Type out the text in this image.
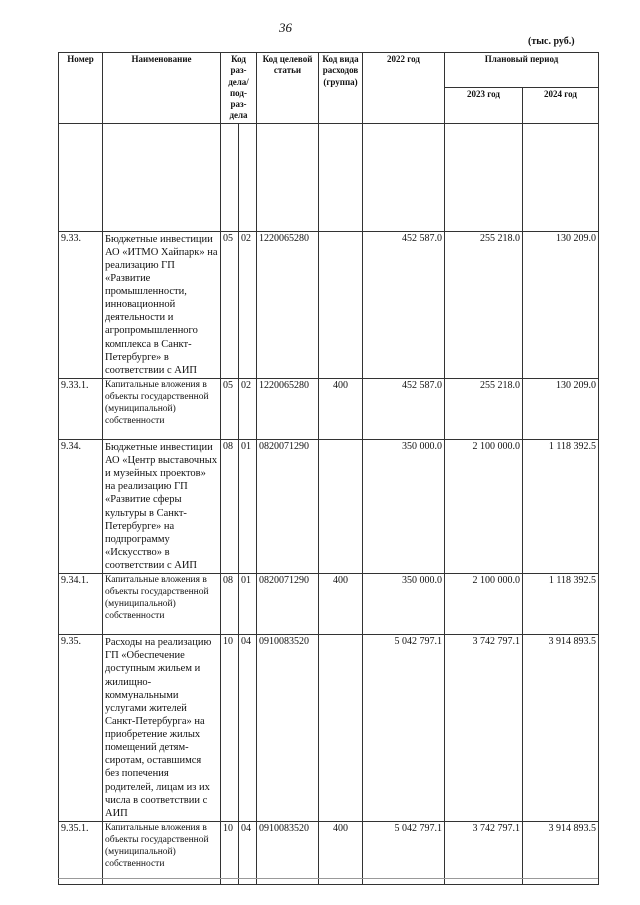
36
(тыс. руб.)
Номер	Наименование	Код раз-дела/ под-раз-дела		Код целевой статьи	Код вида расходов (группа)	2022 год	Плановый период	
							2023 год	2024 год

9.33.	Бюджетные инвестиции АО «ИТМО Хайпарк» на реализацию ГП «Развитие промышленности, инновационной деятельности и агропромышленного комплекса в Санкт-Петербурге» в соответствии с АИП	05	02	1220065280		452 587.0	255 218.0	130 209.0
9.33.1.	Капитальные вложения в объекты государственной (муниципальной) собственности	05	02	1220065280	400	452 587.0	255 218.0	130 209.0
9.34.	Бюджетные инвестиции АО «Центр выставочных и музейных проектов» на реализацию ГП «Развитие сферы культуры в Санкт-Петербурге» на подпрограмму «Искусство» в соответствии с АИП	08	01	0820071290		350 000.0	2 100 000.0	1 118 392.5
9.34.1.	Капитальные вложения в объекты государственной (муниципальной) собственности	08	01	0820071290	400	350 000.0	2 100 000.0	1 118 392.5
9.35.	Расходы на реализацию ГП «Обеспечение доступным жильем и жилищно-коммунальными услугами жителей Санкт-Петербурга» на приобретение жилых помещений детям-сиротам, оставшимся без попечения родителей, лицам из их числа в соответствии с АИП	10	04	0910083520		5 042 797.1	3 742 797.1	3 914 893.5
9.35.1.	Капитальные вложения в объекты государственной (муниципальной) собственности	10	04	0910083520	400	5 042 797.1	3 742 797.1	3 914 893.5
